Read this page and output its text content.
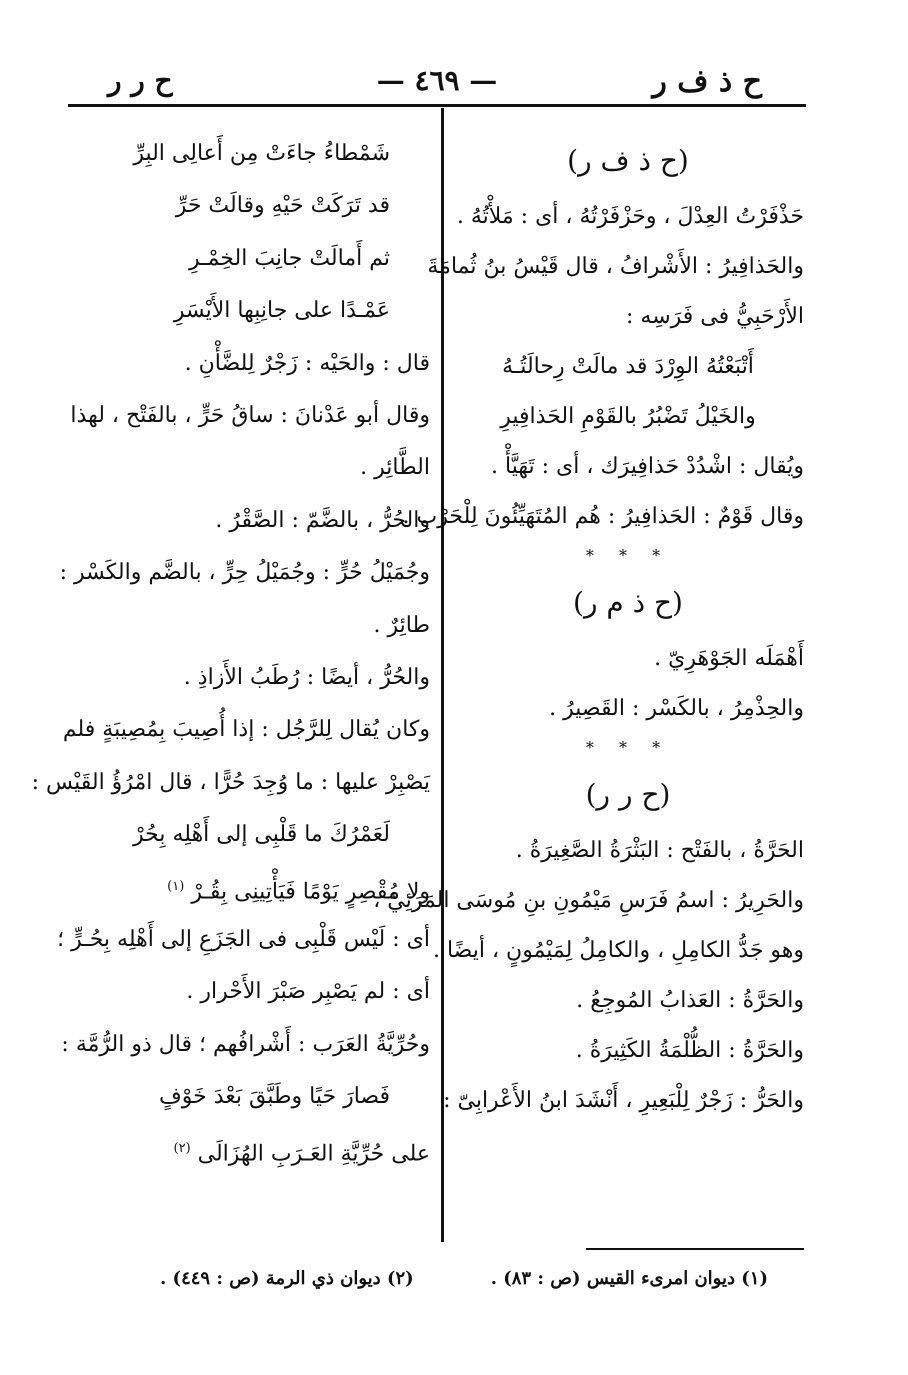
ح ذ ف ر
— ٤٦٩ —
ح ر ر
(ح ذ ف ر)
حَذْفَرْتُ العِدْلَ ، وحَزْفَرْتُهُ ، أى : مَلأْتُهُ .
والحَذافِيرُ : الأَشْرافُ ، قال قَيْسُ بنُ ثُمامَةَ
الأَرْحَبِيُّ فى فَرَسِه :
أَتْبَعْتُهُ الوِرْدَ قد مالَتْ رِحالَتُـهُ
والخَيْلُ تَضْبُرُ بالقَوْمِ الحَذافِيرِ
ويُقال : اشْدُدْ حَذافِيرَك ، أى : تَهَيَّأْ .
وقال قَوْمٌ : الحَذافِيرُ : هُم المُتَهَيِّئُونَ لِلْحَرْبِ .
* * *
(ح ذ م ر)
أَهْمَلَه الجَوْهَرِيّ .
والحِذْمِرُ ، بالكَسْر : القَصِيرُ .
* * *
(ح ر ر)
الحَرَّةُ ، بالفَتْح : البَثْرَةُ الصَّغِيرَةُ .
والحَرِيرُ : اسمُ فَرَسِ مَيْمُونِ بنِ مُوسَى المَرَئِيّ ،
وهو جَدُّ الكامِلِ ، والكامِلُ لِمَيْمُونٍ ، أيضًا .
والحَرَّةُ : العَذابُ المُوجِعُ .
والحَرَّةُ : الظُّلْمَةُ الكَثِيرَةُ .
والحَرُّ : زَجْرٌ لِلْبَعِيرِ ، أَنْشَدَ ابنُ الأَعْرابِىّ :
شَمْطاءُ جاءَتْ مِن أَعالِى البِرِّ
قد تَرَكَتْ حَيْهِ وقالَتْ حَرِّ
ثم أَمالَتْ جانِبَ الخِمْـرِ
عَمْـدًا على جانِبِها الأَيْسَرِ
قال : والحَيْه : زَجْرٌ لِلضَّأْنِ .
وقال أبو عَدْنانَ : ساقُ حَرٍّ ، بالفَتْح ، لهذا
الطَّائِر .
والحُرُّ ، بالضَّمّ : الصَّقْرُ .
وجُمَيْلُ حُرٍّ : وجُمَيْلُ حِرٍّ ، بالضَّم والكَسْر :
طائِرٌ .
والحُرُّ ، أيضًا : رُطَبُ الأَزاذِ .
وكان يُقال لِلرَّجُل : إذا أُصِيبَ بِمُصِيبَةٍ فلم
يَصْبِرْ عليها : ما وُجِدَ حُرًّا ، قال امْرُؤُ القَيْس :
لَعَمْرُكَ ما قَلْبِى إلى أَهْلِه بِحُرْ
ولا مُقْصِرٍ يَوْمًا فَيَأْتِينِى بِقُـرْ $^{(١)}$
أى : لَيْس قَلْبِى فى الجَزَعِ إلى أَهْلِه بِحُـرٍّ ؛
أى : لم يَصْبِر صَبْرَ الأَحْرار .
وحُرِّيَّةُ العَرَب : أَشْرافُهم ؛ قال ذو الرُّمَّة :
فَصارَ حَيًا وطَبَّقَ بَعْدَ خَوْفٍ
على حُرِّيَّةِ العَـرَبِ الهُزَالَى $^{(٢)}$
(١) ديوان امرىء القيس (ص : ٨٣) .
(٢) ديوان ذي الرمة (ص : ٤٤٩) .
